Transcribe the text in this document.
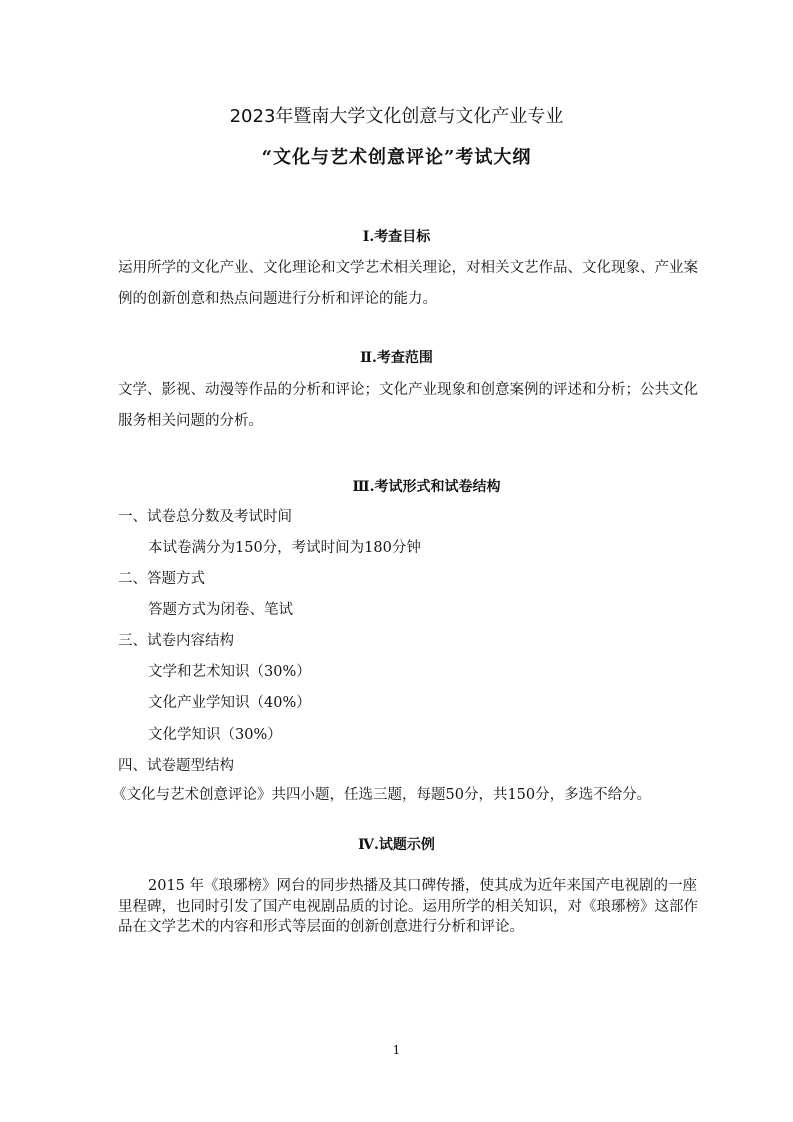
2023年暨南大学文化创意与文化产业专业
“文化与艺术创意评论”考试大纲
Ⅰ.考查目标
运用所学的文化产业、文化理论和文学艺术相关理论，对相关文艺作品、文化现象、产业案
例的创新创意和热点问题进行分析和评论的能力。
Ⅱ.考查范围
文学、影视、动漫等作品的分析和评论；文化产业现象和创意案例的评述和分析；公共文化
服务相关问题的分析。
Ⅲ.考试形式和试卷结构
一、试卷总分数及考试时间
本试卷满分为150分，考试时间为180分钟
二、答题方式
答题方式为闭卷、笔试
三、试卷内容结构
文学和艺术知识（30%）
文化产业学知识（40%）
文化学知识（30%）
四、试卷题型结构
《文化与艺术创意评论》共四小题，任选三题，每题50分，共150分，多选不给分。
Ⅳ.试题示例
2015 年《琅琊榜》网台的同步热播及其口碑传播，使其成为近年来国产电视剧的一座
里程碑，也同时引发了国产电视剧品质的讨论。运用所学的相关知识，对《琅琊榜》这部作
品在文学艺术的内容和形式等层面的创新创意进行分析和评论。
1
